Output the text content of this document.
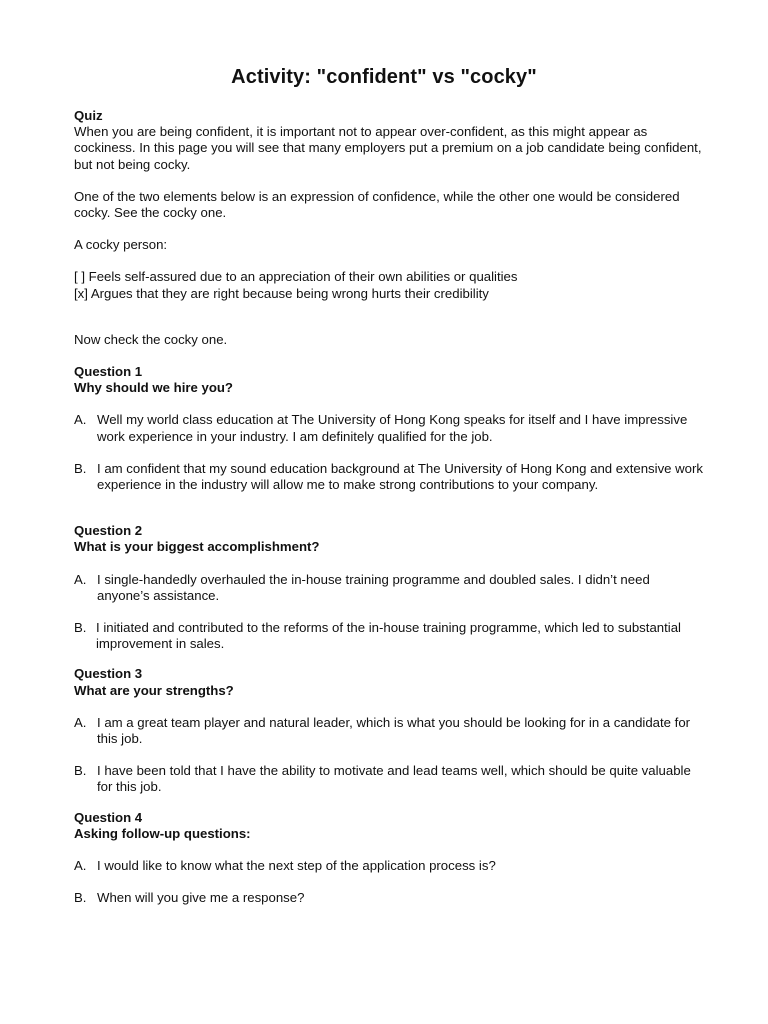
Activity: "confident" vs "cocky"

Quiz

When you are being confident, it is important not to appear over-confident, as this might appear as cockiness. In this page you will see that many employers put a premium on a job candidate being confident, but not being cocky.

One of the two elements below is an expression of confidence, while the other one would be considered cocky. See the cocky one.

A cocky person:

[ ] Feels self-assured due to an appreciation of their own abilities or qualities

[x] Argues that they are right because being wrong hurts their credibility

Now check the cocky one.

Question 1

Why should we hire you?

A. Well my world class education at The University of Hong Kong speaks for itself and I have impressive work experience in your industry. I am definitely qualified for the job.
B. I am confident that my sound education background at The University of Hong Kong and extensive work experience in the industry will allow me to make strong contributions to your company.

Question 2

What is your biggest accomplishment?

A. I single-handedly overhauled the in-house training programme and doubled sales. I didn’t need anyone’s assistance.
B. I initiated and contributed to the reforms of the in-house training programme, which led to substantial improvement in sales.

Question 3

What are your strengths?

A. I am a great team player and natural leader, which is what you should be looking for in a candidate for this job.
B. I have been told that I have the ability to motivate and lead teams well, which should be quite valuable for this job.

Question 4

Asking follow-up questions:

A. I would like to know what the next step of the application process is?
B. When will you give me a response?
